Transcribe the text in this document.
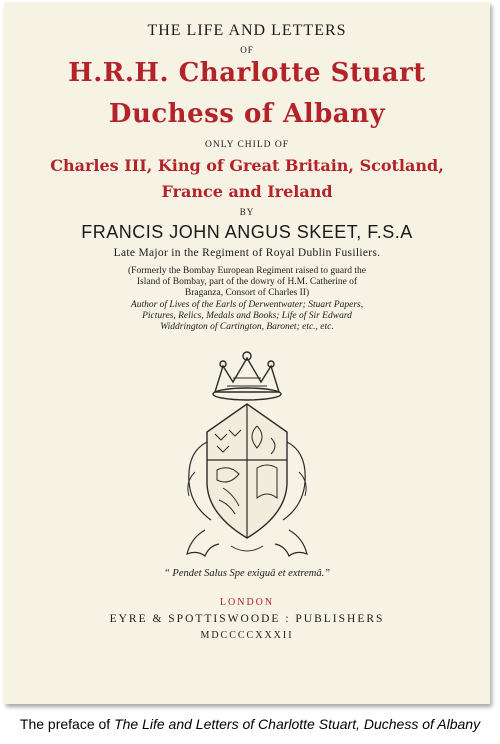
THE LIFE AND LETTERS
OF
H.R.H. Charlotte Stuart
Duchess of Albany
ONLY CHILD OF
Charles III, King of Great Britain, Scotland,
France and Ireland
BY
FRANCIS JOHN ANGUS SKEET, F.S.A
Late Major in the Regiment of Royal Dublin Fusiliers.
(Formerly the Bombay European Regiment raised to guard the
Island of Bombay, part of the dowry of H.M. Catherine of
Braganza, Consort of Charles II)
Author of Lives of the Earls of Derwentwater; Stuart Papers,
Pictures, Relics, Medals and Books; Life of Sir Edward
Widdrington of Cartington, Baronet; etc., etc.
“ Pendet Salus Spe exiguâ et extremâ.”
LONDON
EYRE & SPOTTISWOODE : PUBLISHERS
MDCCCCXXXII
The preface of The Life and Letters of Charlotte Stuart, Duchess of Albany
